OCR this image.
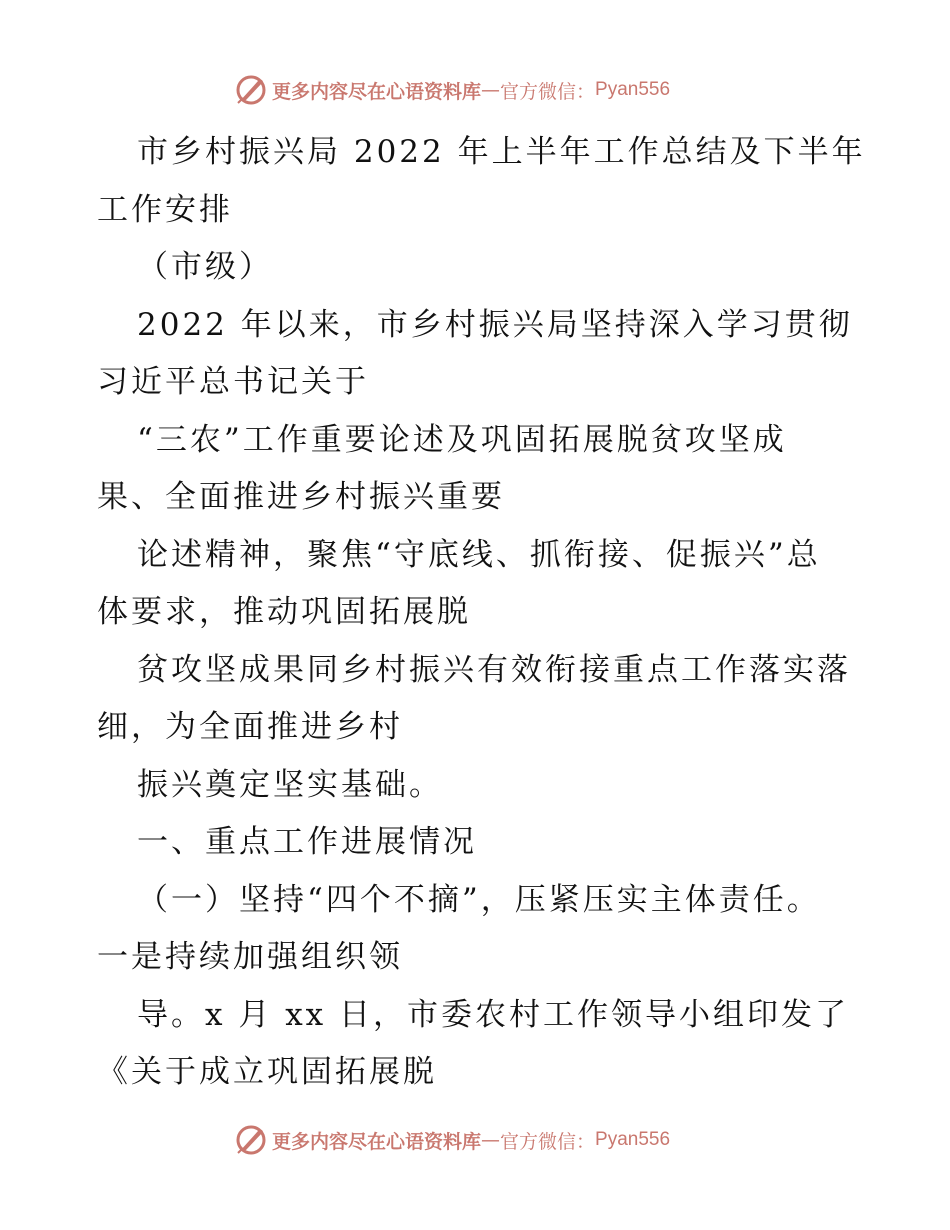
更多内容尽在心语资料库 — 官方微信： Pyan556

市乡村振兴局 2022 年上半年工作总结及下半年
工作安排
（市级）
2022 年以来，市乡村振兴局坚持深入学习贯彻
习近平总书记关于
“三农”工作重要论述及巩固拓展脱贫攻坚成
果、全面推进乡村振兴重要
论述精神，聚焦“守底线、抓衔接、促振兴”总
体要求，推动巩固拓展脱
贫攻坚成果同乡村振兴有效衔接重点工作落实落
细，为全面推进乡村
振兴奠定坚实基础。
一、重点工作进展情况
（一）坚持“四个不摘”，压紧压实主体责任。
一是持续加强组织领
导。x 月 xx 日，市委农村工作领导小组印发了
《关于成立巩固拓展脱

更多内容尽在心语资料库 — 官方微信： Pyan556
